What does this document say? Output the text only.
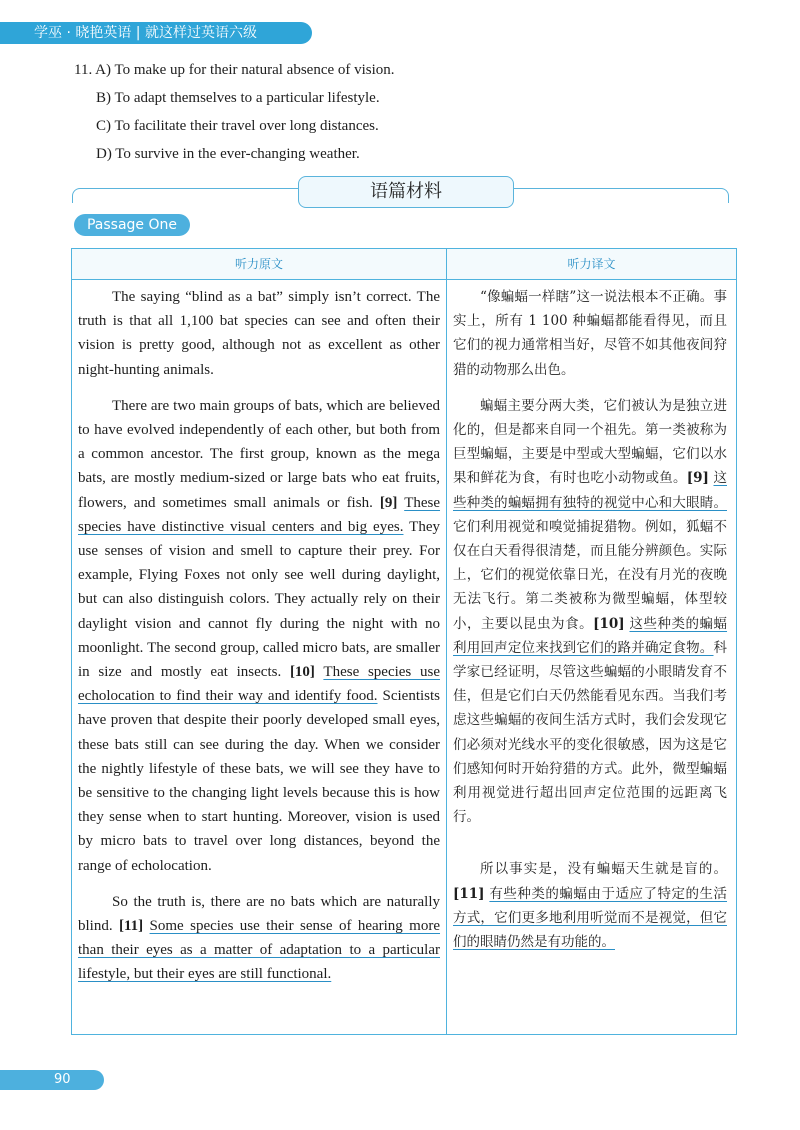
学巫 · 晓艳英语 | 就这样过英语六级
11. A) To make up for their natural absence of vision.
B) To adapt themselves to a particular lifestyle.
C) To facilitate their travel over long distances.
D) To survive in the ever-changing weather.
语篇材料
Passage One
听力原文	听力译文

The saying “blind as a bat” simply isn’t correct. The truth is that all 1,100 bat species can see and often their vision is pretty good, although not as excellent as other night-hunting animals.

There are two main groups of bats, which are believed to have evolved independently of each other, but both from a common ancestor. The first group, known as the mega bats, are mostly medium-sized or large bats who eat fruits, flowers, and sometimes small animals or fish. [9] These species have distinctive visual centers and big eyes. They use senses of vision and smell to capture their prey. For example, Flying Foxes not only see well during daylight, but can also distinguish colors. They actually rely on their daylight vision and cannot fly during the night with no moonlight. The second group, called micro bats, are smaller in size and mostly eat insects. [10] These species use echolocation to find their way and identify food. Scientists have proven that despite their poorly developed small eyes, these bats still can see during the day. When we consider the nightly lifestyle of these bats, we will see they have to be sensitive to the changing light levels because this is how they sense when to start hunting. Moreover, vision is used by micro bats to travel over long distances, beyond the range of echolocation.

So the truth is, there are no bats which are naturally blind. [11] Some species use their sense of hearing more than their eyes as a matter of adaptation to a particular lifestyle, but their eyes are still functional.

“像蝙蝠一样瞎”这一说法根本不正确。事实上，所有 1 100 种蝙蝠都能看得见，而且它们的视力通常相当好，尽管不如其他夜间狩猎的动物那么出色。

蝙蝠主要分两大类，它们被认为是独立进化的，但是都来自同一个祖先。第一类被称为巨型蝙蝠，主要是中型或大型蝙蝠，它们以水果和鲜花为食，有时也吃小动物或鱼。[9] 这些种类的蝙蝠拥有独特的视觉中心和大眼睛。它们利用视觉和嗅觉捕捉猎物。例如，狐蝠不仅在白天看得很清楚，而且能分辨颜色。实际上，它们的视觉依靠日光，在没有月光的夜晚无法飞行。第二类被称为微型蝙蝠，体型较小，主要以昆虫为食。[10] 这些种类的蝙蝠利用回声定位来找到它们的路并确定食物。科学家已经证明，尽管这些蝙蝠的小眼睛发育不佳，但是它们白天仍然能看见东西。当我们考虑这些蝙蝠的夜间生活方式时，我们会发现它们必须对光线水平的变化很敏感，因为这是它们感知何时开始狩猎的方式。此外，微型蝙蝠利用视觉进行超出回声定位范围的远距离飞行。

所以事实是，没有蝙蝠天生就是盲的。[11] 有些种类的蝙蝠由于适应了特定的生活方式，它们更多地利用听觉而不是视觉，但它们的眼睛仍然是有功能的。

90
